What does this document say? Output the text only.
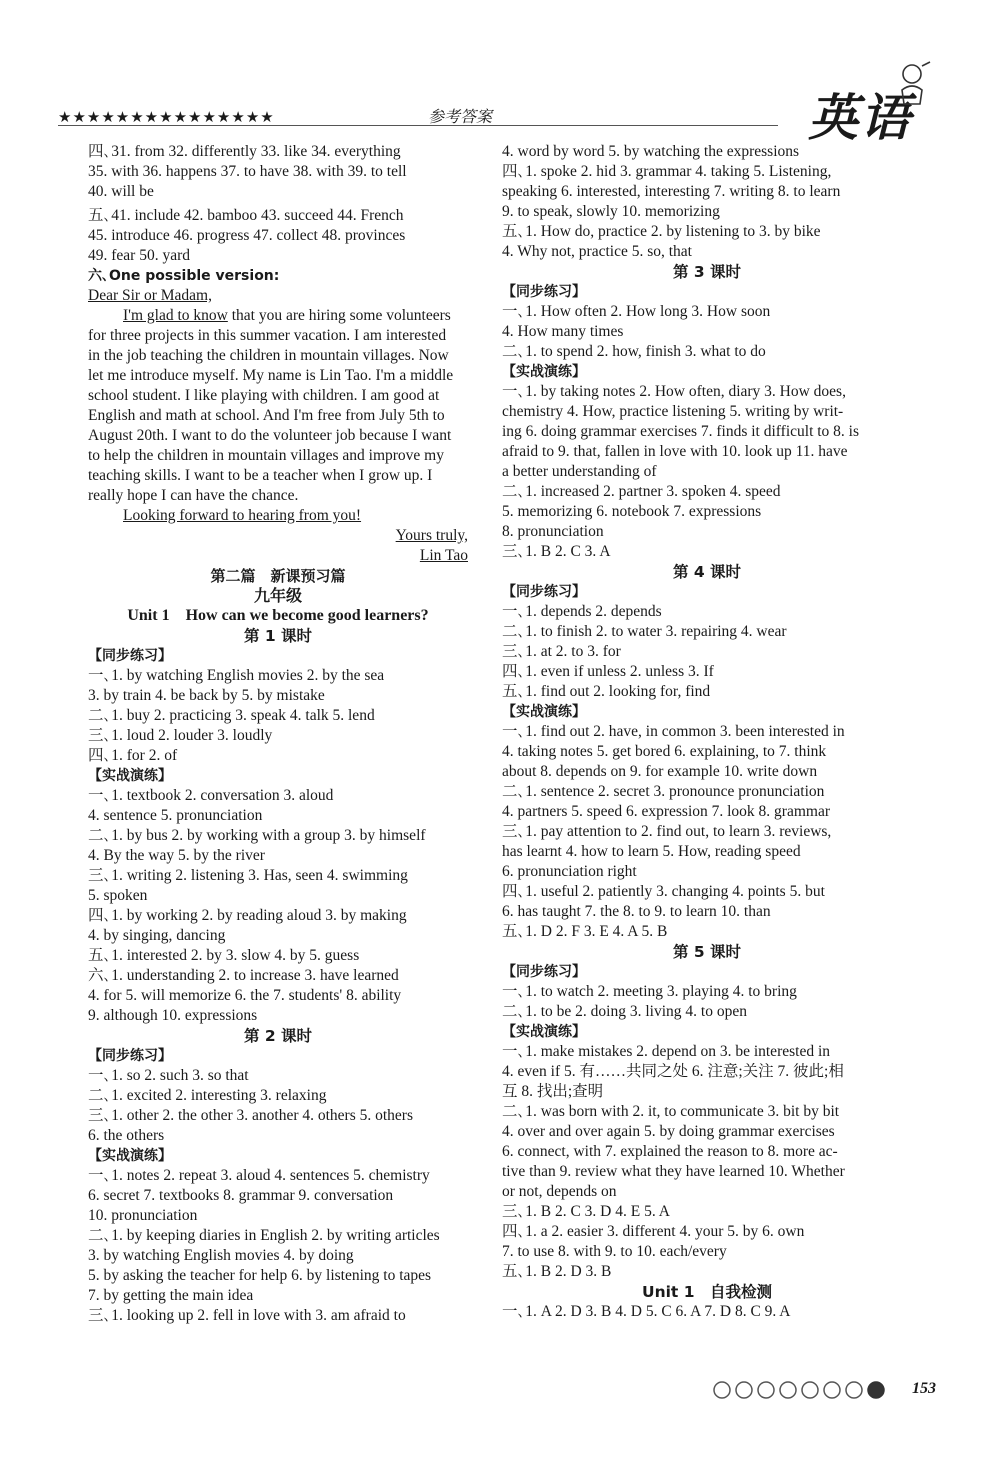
★★★★★★★★★★★★★★★	参考答案	英语

四､31. from 32. differently 33. like 34. everything

35. with 36. happens 37. to have 38. with 39. to tell

40. will be

五､41. include 42. bamboo 43. succeed 44. French

45. introduce 46. progress 47. collect 48. provinces

49. fear 50. yard

六､One possible version:

Dear Sir or Madam,

I'm glad to know that you are hiring some volunteers

for three projects in this summer vacation. I am interested

in the job teaching the children in mountain villages. Now

let me introduce myself. My name is Lin Tao. I'm a middle

school student. I like playing with children. I am good at

English and math at school. And I'm free from July 5th to

August 20th. I want to do the volunteer job because I want

to help the children in mountain villages and improve my

teaching skills. I want to be a teacher when I grow up. I

really hope I can have the chance.

Looking forward to hearing from you!

Yours truly,

Lin Tao

第二篇　新课预习篇

九年级

Unit 1　How can we become good learners?

第 1 课时

【同步练习】

一､1. by watching English movies 2. by the sea

3. by train 4. be back by 5. by mistake

二､1. buy 2. practicing 3. speak 4. talk 5. lend

三､1. loud 2. louder 3. loudly

四､1. for 2. of

【实战演练】

一､1. textbook 2. conversation 3. aloud

4. sentence 5. pronunciation

二､1. by bus 2. by working with a group 3. by himself

4. By the way 5. by the river

三､1. writing 2. listening 3. Has, seen 4. swimming

5. spoken

四､1. by working 2. by reading aloud 3. by making

4. by singing, dancing

五､1. interested 2. by 3. slow 4. by 5. guess

六､1. understanding 2. to increase 3. have learned

4. for 5. will memorize 6. the 7. students' 8. ability

9. although 10. expressions

第 2 课时

【同步练习】

一､1. so 2. such 3. so that

二､1. excited 2. interesting 3. relaxing

三､1. other 2. the other 3. another 4. others 5. others

6. the others

【实战演练】

一､1. notes 2. repeat 3. aloud 4. sentences 5. chemistry

6. secret 7. textbooks 8. grammar 9. conversation

10. pronunciation

二､1. by keeping diaries in English 2. by writing articles

3. by watching English movies 4. by doing

5. by asking the teacher for help 6. by listening to tapes

7. by getting the main idea

三､1. looking up 2. fell in love with 3. am afraid to

4. word by word 5. by watching the expressions

四､1. spoke 2. hid 3. grammar 4. taking 5. Listening,

speaking 6. interested, interesting 7. writing 8. to learn

9. to speak, slowly 10. memorizing

五､1. How do, practice 2. by listening to 3. by bike

4. Why not, practice 5. so, that

第 3 课时

【同步练习】

一､1. How often 2. How long 3. How soon

4. How many times

二､1. to spend 2. how, finish 3. what to do

【实战演练】

一､1. by taking notes 2. How often, diary 3. How does,

chemistry 4. How, practice listening 5. writing by writ-

ing 6. doing grammar exercises 7. finds it difficult to 8. is

afraid to 9. that, fallen in love with 10. look up 11. have

a better understanding of

二､1. increased 2. partner 3. spoken 4. speed

5. memorizing 6. notebook 7. expressions

8. pronunciation

三､1. B 2. C 3. A

第 4 课时

【同步练习】

一､1. depends 2. depends

二､1. to finish 2. to water 3. repairing 4. wear

三､1. at 2. to 3. for

四､1. even if unless 2. unless 3. If

五､1. find out 2. looking for, find

【实战演练】

一､1. find out 2. have, in common 3. been interested in

4. taking notes 5. get bored 6. explaining, to 7. think

about 8. depends on 9. for example 10. write down

二､1. sentence 2. secret 3. pronounce pronunciation

4. partners 5. speed 6. expression 7. look 8. grammar

三､1. pay attention to 2. find out, to learn 3. reviews,

has learnt 4. how to learn 5. How, reading speed

6. pronunciation right

四､1. useful 2. patiently 3. changing 4. points 5. but

6. has taught 7. the 8. to 9. to learn 10. than

五､1. D 2. F 3. E 4. A 5. B

第 5 课时

【同步练习】

一､1. to watch 2. meeting 3. playing 4. to bring

二､1. to be 2. doing 3. living 4. to open

【实战演练】

一､1. make mistakes 2. depend on 3. be interested in

4. even if 5. 有……共同之处 6. 注意;关注 7. 彼此;相

互 8. 找出;查明

二､1. was born with 2. it, to communicate 3. bit by bit

4. over and over again 5. by doing grammar exercises

6. connect, with 7. explained the reason to 8. more ac-

tive than 9. review what they have learned 10. Whether

or not, depends on

三､1. B 2. C 3. D 4. E 5. A

四､1. a 2. easier 3. different 4. your 5. by 6. own

7. to use 8. with 9. to 10. each/every

五､1. B 2. D 3. B

Unit 1　自我检测

一､1. A 2. D 3. B 4. D 5. C 6. A 7. D 8. C 9. A

153
